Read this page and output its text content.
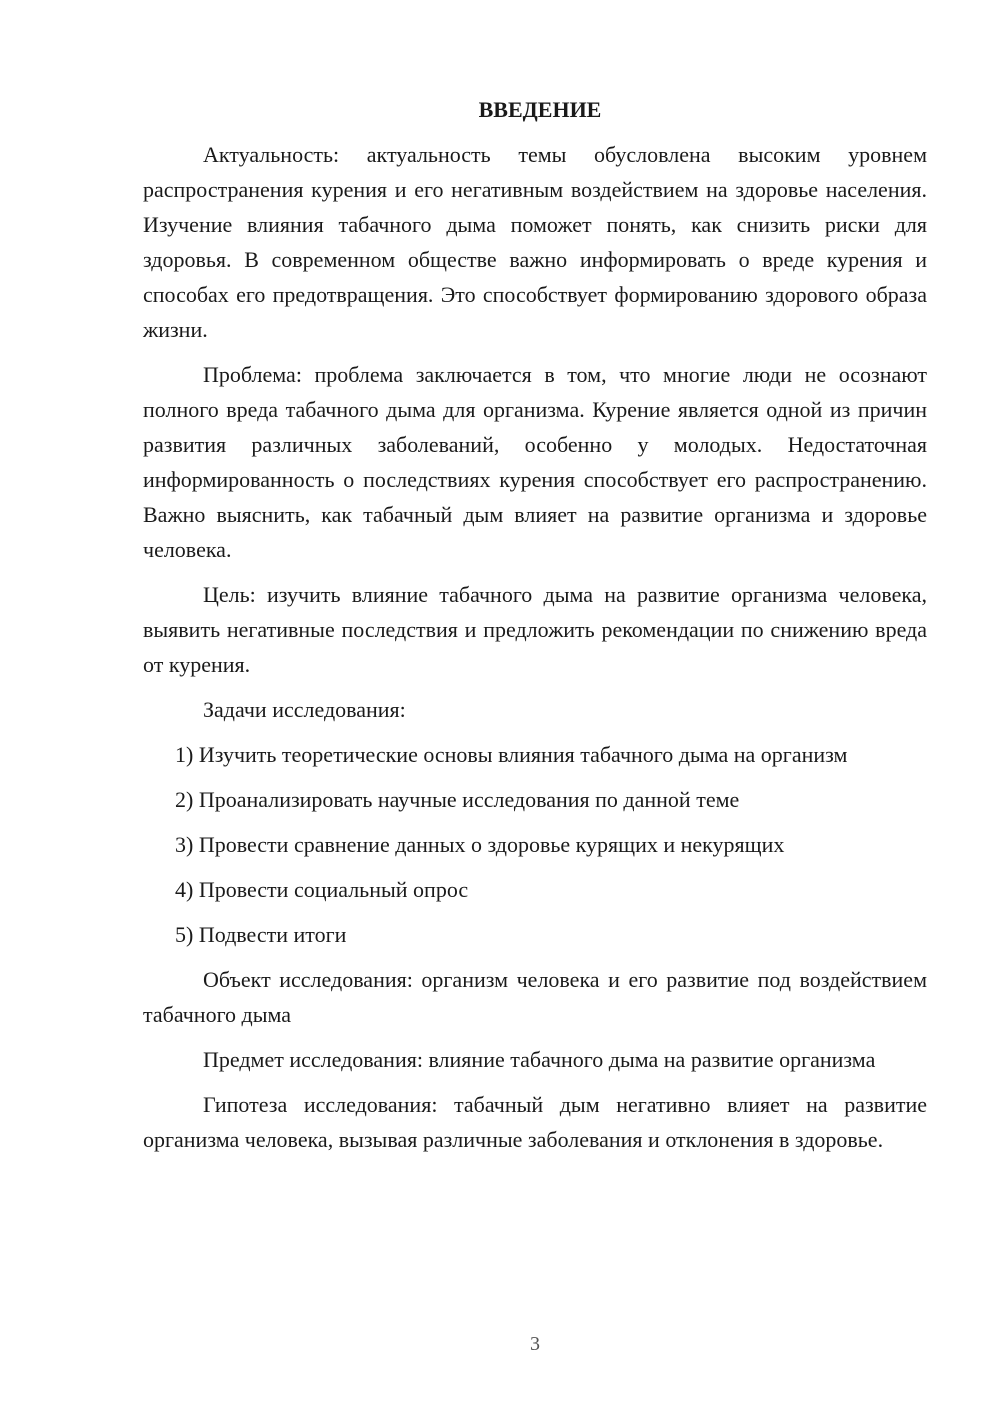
ВВЕДЕНИЕ

Актуальность: актуальность темы обусловлена высоким уровнем распространения курения и его негативным воздействием на здоровье населения. Изучение влияния табачного дыма поможет понять, как снизить риски для здоровья. В современном обществе важно информировать о вреде курения и способах его предотвращения. Это способствует формированию здорового образа жизни.

Проблема: проблема заключается в том, что многие люди не осознают полного вреда табачного дыма для организма. Курение является одной из причин развития различных заболеваний, особенно у молодых. Недостаточная информированность о последствиях курения способствует его распространению. Важно выяснить, как табачный дым влияет на развитие организма и здоровье человека.

Цель: изучить влияние табачного дыма на развитие организма человека, выявить негативные последствия и предложить рекомендации по снижению вреда от курения.

Задачи исследования:

1) Изучить теоретические основы влияния табачного дыма на организм

2) Проанализировать научные исследования по данной теме

3) Провести сравнение данных о здоровье курящих и некурящих

4) Провести социальный опрос

5) Подвести итоги

Объект исследования: организм человека и его развитие под воздействием табачного дыма

Предмет исследования: влияние табачного дыма на развитие организма

Гипотеза исследования: табачный дым негативно влияет на развитие организма человека, вызывая различные заболевания и отклонения в здоровье.

3
